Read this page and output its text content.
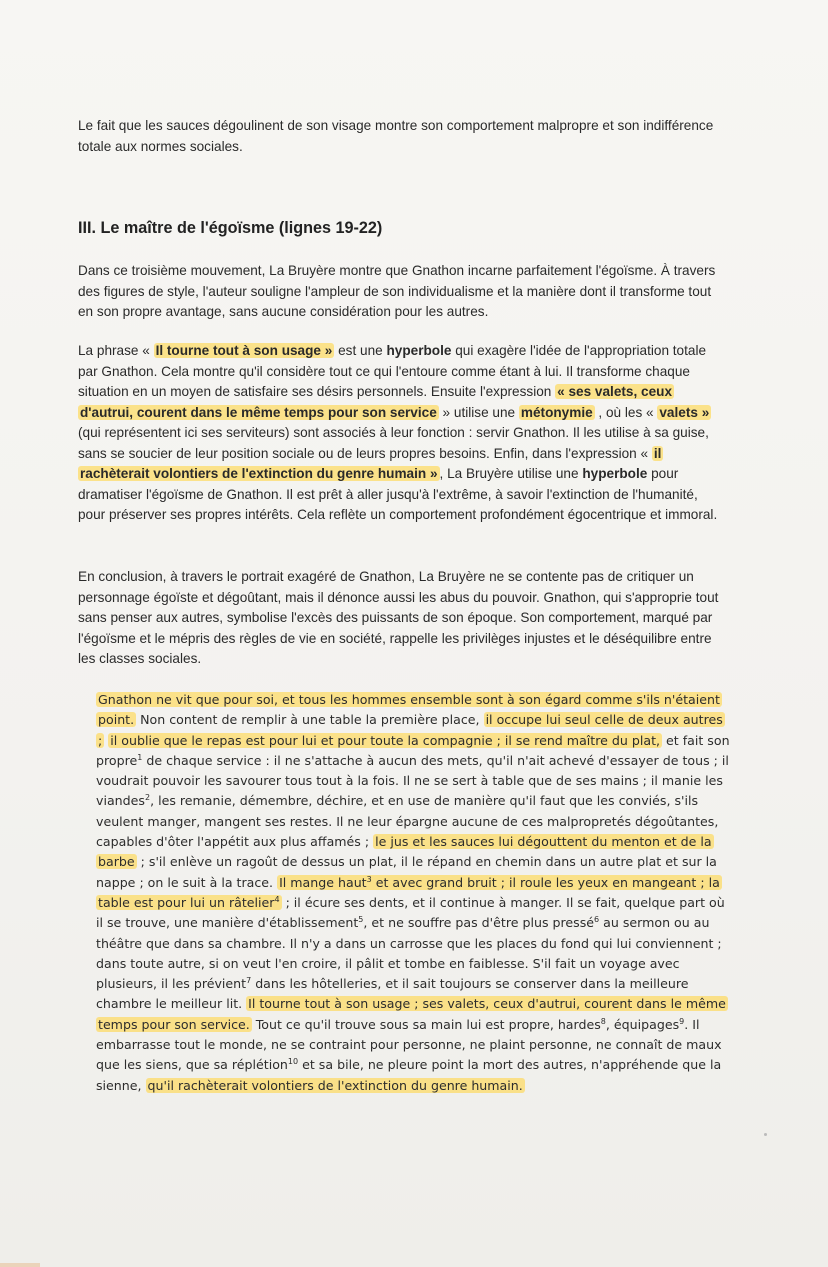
Le fait que les sauces dégoulinent de son visage montre son comportement malpropre et son indifférence totale aux normes sociales.

III. Le maître de l'égoïsme (lignes 19-22)

Dans ce troisième mouvement, La Bruyère montre que Gnathon incarne parfaitement l'égoïsme. À travers des figures de style, l'auteur souligne l'ampleur de son individualisme et la manière dont il transforme tout en son propre avantage, sans aucune considération pour les autres.

La phrase « Il tourne tout à son usage » est une hyperbole qui exagère l'idée de l'appropriation totale par Gnathon. Cela montre qu'il considère tout ce qui l'entoure comme étant à lui. Il transforme chaque situation en un moyen de satisfaire ses désirs personnels. Ensuite l'expression « ses valets, ceux d'autrui, courent dans le même temps pour son service » utilise une métonymie , où les « valets » (qui représentent ici ses serviteurs) sont associés à leur fonction : servir Gnathon. Il les utilise à sa guise, sans se soucier de leur position sociale ou de leurs propres besoins. Enfin, dans l'expression « il rachèterait volontiers de l'extinction du genre humain » , La Bruyère utilise une hyperbole pour dramatiser l'égoïsme de Gnathon. Il est prêt à aller jusqu'à l'extrême, à savoir l'extinction de l'humanité, pour préserver ses propres intérêts. Cela reflète un comportement profondément égocentrique et immoral.

En conclusion, à travers le portrait exagéré de Gnathon, La Bruyère ne se contente pas de critiquer un personnage égoïste et dégoûtant, mais il dénonce aussi les abus du pouvoir. Gnathon, qui s'approprie tout sans penser aux autres, symbolise l'excès des puissants de son époque. Son comportement, marqué par l'égoïsme et le mépris des règles de vie en société, rappelle les privilèges injustes et le déséquilibre entre les classes sociales.

Gnathon ne vit que pour soi, et tous les hommes ensemble sont à son égard comme s'ils n'étaient point. Non content de remplir à une table la première place, il occupe lui seul celle de deux autres ; il oublie que le repas est pour lui et pour toute la compagnie ; il se rend maître du plat, et fait son propre$^1$ de chaque service : il ne s'attache à aucun des mets, qu'il n'ait achevé d'essayer de tous ; il voudrait pouvoir les savourer tous tout à la fois. Il ne se sert à table que de ses mains ; il manie les viandes$^2$, les remanie, démembre, déchire, et en use de manière qu'il faut que les conviés, s'ils veulent manger, mangent ses restes. Il ne leur épargne aucune de ces malpropretés dégoûtantes, capables d'ôter l'appétit aux plus affamés ; le jus et les sauces lui dégouttent du menton et de la barbe ; s'il enlève un ragoût de dessus un plat, il le répand en chemin dans un autre plat et sur la nappe ; on le suit à la trace. Il mange haut$^3$ et avec grand bruit ; il roule les yeux en mangeant ; la table est pour lui un râtelier$^4$ ; il écure ses dents, et il continue à manger. Il se fait, quelque part où il se trouve, une manière d'établissement$^5$, et ne souffre pas d'être plus pressé$^6$ au sermon ou au théâtre que dans sa chambre. Il n'y a dans un carrosse que les places du fond qui lui conviennent ; dans toute autre, si on veut l'en croire, il pâlit et tombe en faiblesse. S'il fait un voyage avec plusieurs, il les prévient$^7$ dans les hôtelleries, et il sait toujours se conserver dans la meilleure chambre le meilleur lit. Il tourne tout à son usage ; ses valets, ceux d'autrui, courent dans le même temps pour son service. Tout ce qu'il trouve sous sa main lui est propre, hardes$^8$, équipages$^9$. Il embarrasse tout le monde, ne se contraint pour personne, ne plaint personne, ne connaît de maux que les siens, que sa réplétion$^{10}$ et sa bile, ne pleure point la mort des autres, n'appréhende que la sienne, qu'il rachèterait volontiers de l'extinction du genre humain.
